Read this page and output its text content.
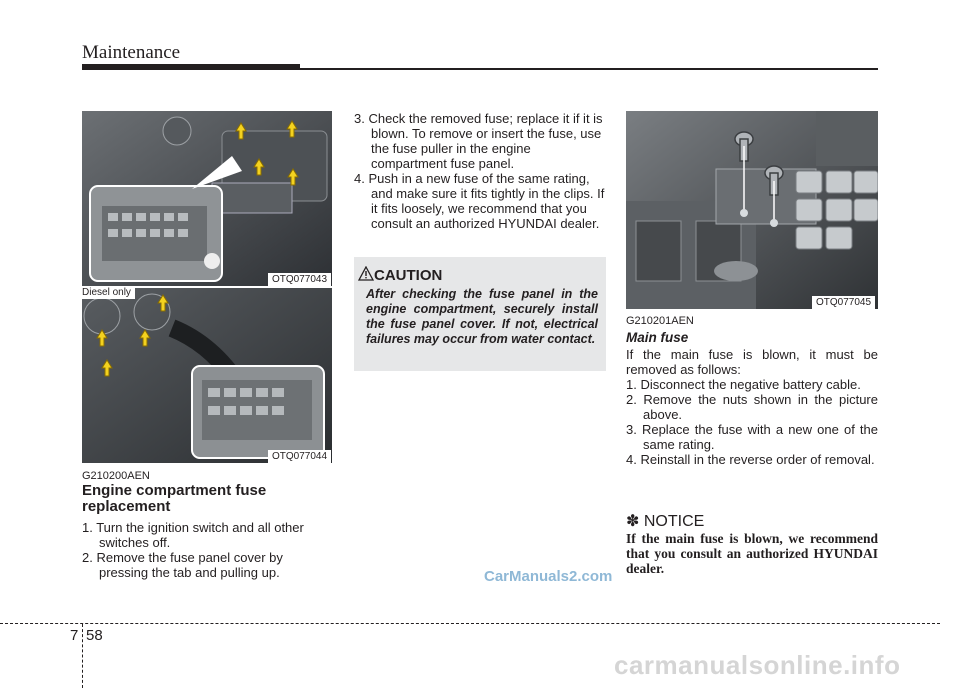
Maintenance
OTQ077043
Diesel only
OTQ077044
G210200AEN
Engine compartment fuse replacement

1. Turn the ignition switch and all other switches off.

2. Remove the fuse panel cover by pressing the tab and pulling up.

3. Check the removed fuse; replace it if it is blown. To remove or insert the fuse, use the fuse puller in the engine compartment fuse panel.

4. Push in a new fuse of the same rating, and make sure it fits tightly in the clips. If it fits loosely, we recommend that you consult an authorized HYUNDAI dealer.

CAUTION
After checking the fuse panel in the engine compartment, securely install the fuse panel cover. If not, electrical failures may occur from water contact.
OTQ077045
G210201AEN
Main fuse

If the main fuse is blown, it must be removed as follows:

1. Disconnect the negative battery cable.

2. Remove the nuts shown in the picture above.

3. Replace the fuse with a new one of the same rating.

4. Reinstall in the reverse order of removal.

✽ NOTICE
If the main fuse is blown, we recommend that you consult an authorized HYUNDAI dealer.
CarManuals2.com
7 58
carmanualsonline.info
